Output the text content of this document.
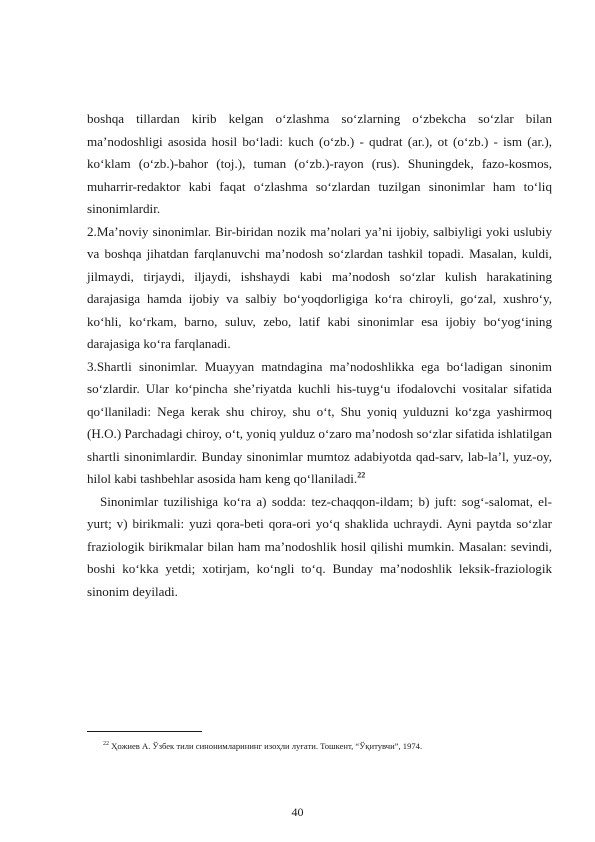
boshqa tillardan kirib kelgan o‘zlashma so‘zlarning o‘zbekcha so‘zlar bilan ma’nodoshligi asosida hosil bo‘ladi: kuch (o‘zb.) - qudrat (ar.), ot (o‘zb.) - ism (ar.), ko‘klam (o‘zb.)-bahor (toj.), tuman (o‘zb.)-rayon (rus). Shuningdek, fazo-kosmos, muharrir-redaktor kabi faqat o‘zlashma so‘zlardan tuzilgan sinonimlar ham to‘liq sinonimlardir.

2.Ma’noviy sinonimlar. Bir-biridan nozik ma’nolari ya’ni ijobiy, salbiyligi yoki uslubiy va boshqa jihatdan farqlanuvchi ma’nodosh so‘zlardan tashkil topadi. Masalan, kuldi, jilmaydi, tirjaydi, iljaydi, ishshaydi kabi ma’nodosh so‘zlar kulish harakatining darajasiga hamda ijobiy va salbiy bo‘yoqdorligiga ko‘ra chiroyli, go‘zal, xushro‘y, ko‘hli, ko‘rkam, barno, suluv, zebo, latif kabi sinonimlar esa ijobiy bo‘yog‘ining darajasiga ko‘ra farqlanadi.

3.Shartli sinonimlar. Muayyan matndagina ma’nodoshlikka ega bo‘ladigan sinonim so‘zlardir. Ular ko‘pincha she’riyatda kuchli his-tuyg‘u ifodalovchi vositalar sifatida qo‘llaniladi: Nega kerak shu chiroy, shu o‘t, Shu yoniq yulduzni ko‘zga yashirmoq (H.O.) Parchadagi chiroy, o‘t, yoniq yulduz o‘zaro ma’nodosh so‘zlar sifatida ishlatilgan shartli sinonimlardir. Bunday sinonimlar mumtoz adabiyotda qad-sarv, lab-la’l, yuz-oy, hilol kabi tashbehlar asosida ham keng qo‘llaniladi.$^{22}$

Sinonimlar tuzilishiga ko‘ra a) sodda: tez-chaqqon-ildam; b) juft: sog‘-salomat, el-yurt; v) birikmali: yuzi qora-beti qora-ori yo‘q shaklida uchraydi. Ayni paytda so‘zlar fraziologik birikmalar bilan ham ma’nodoshlik hosil qilishi mumkin. Masalan: sevindi, boshi ko‘kka yetdi; xotirjam, ko‘ngli to‘q. Bunday ma’nodoshlik leksik-fraziologik sinonim deyiladi.

$^{22}$ Ҳожиев А. Ўзбек тили синонимларининг изоҳли луғати. Тошкент, “Ўқитувчи”, 1974.
40
